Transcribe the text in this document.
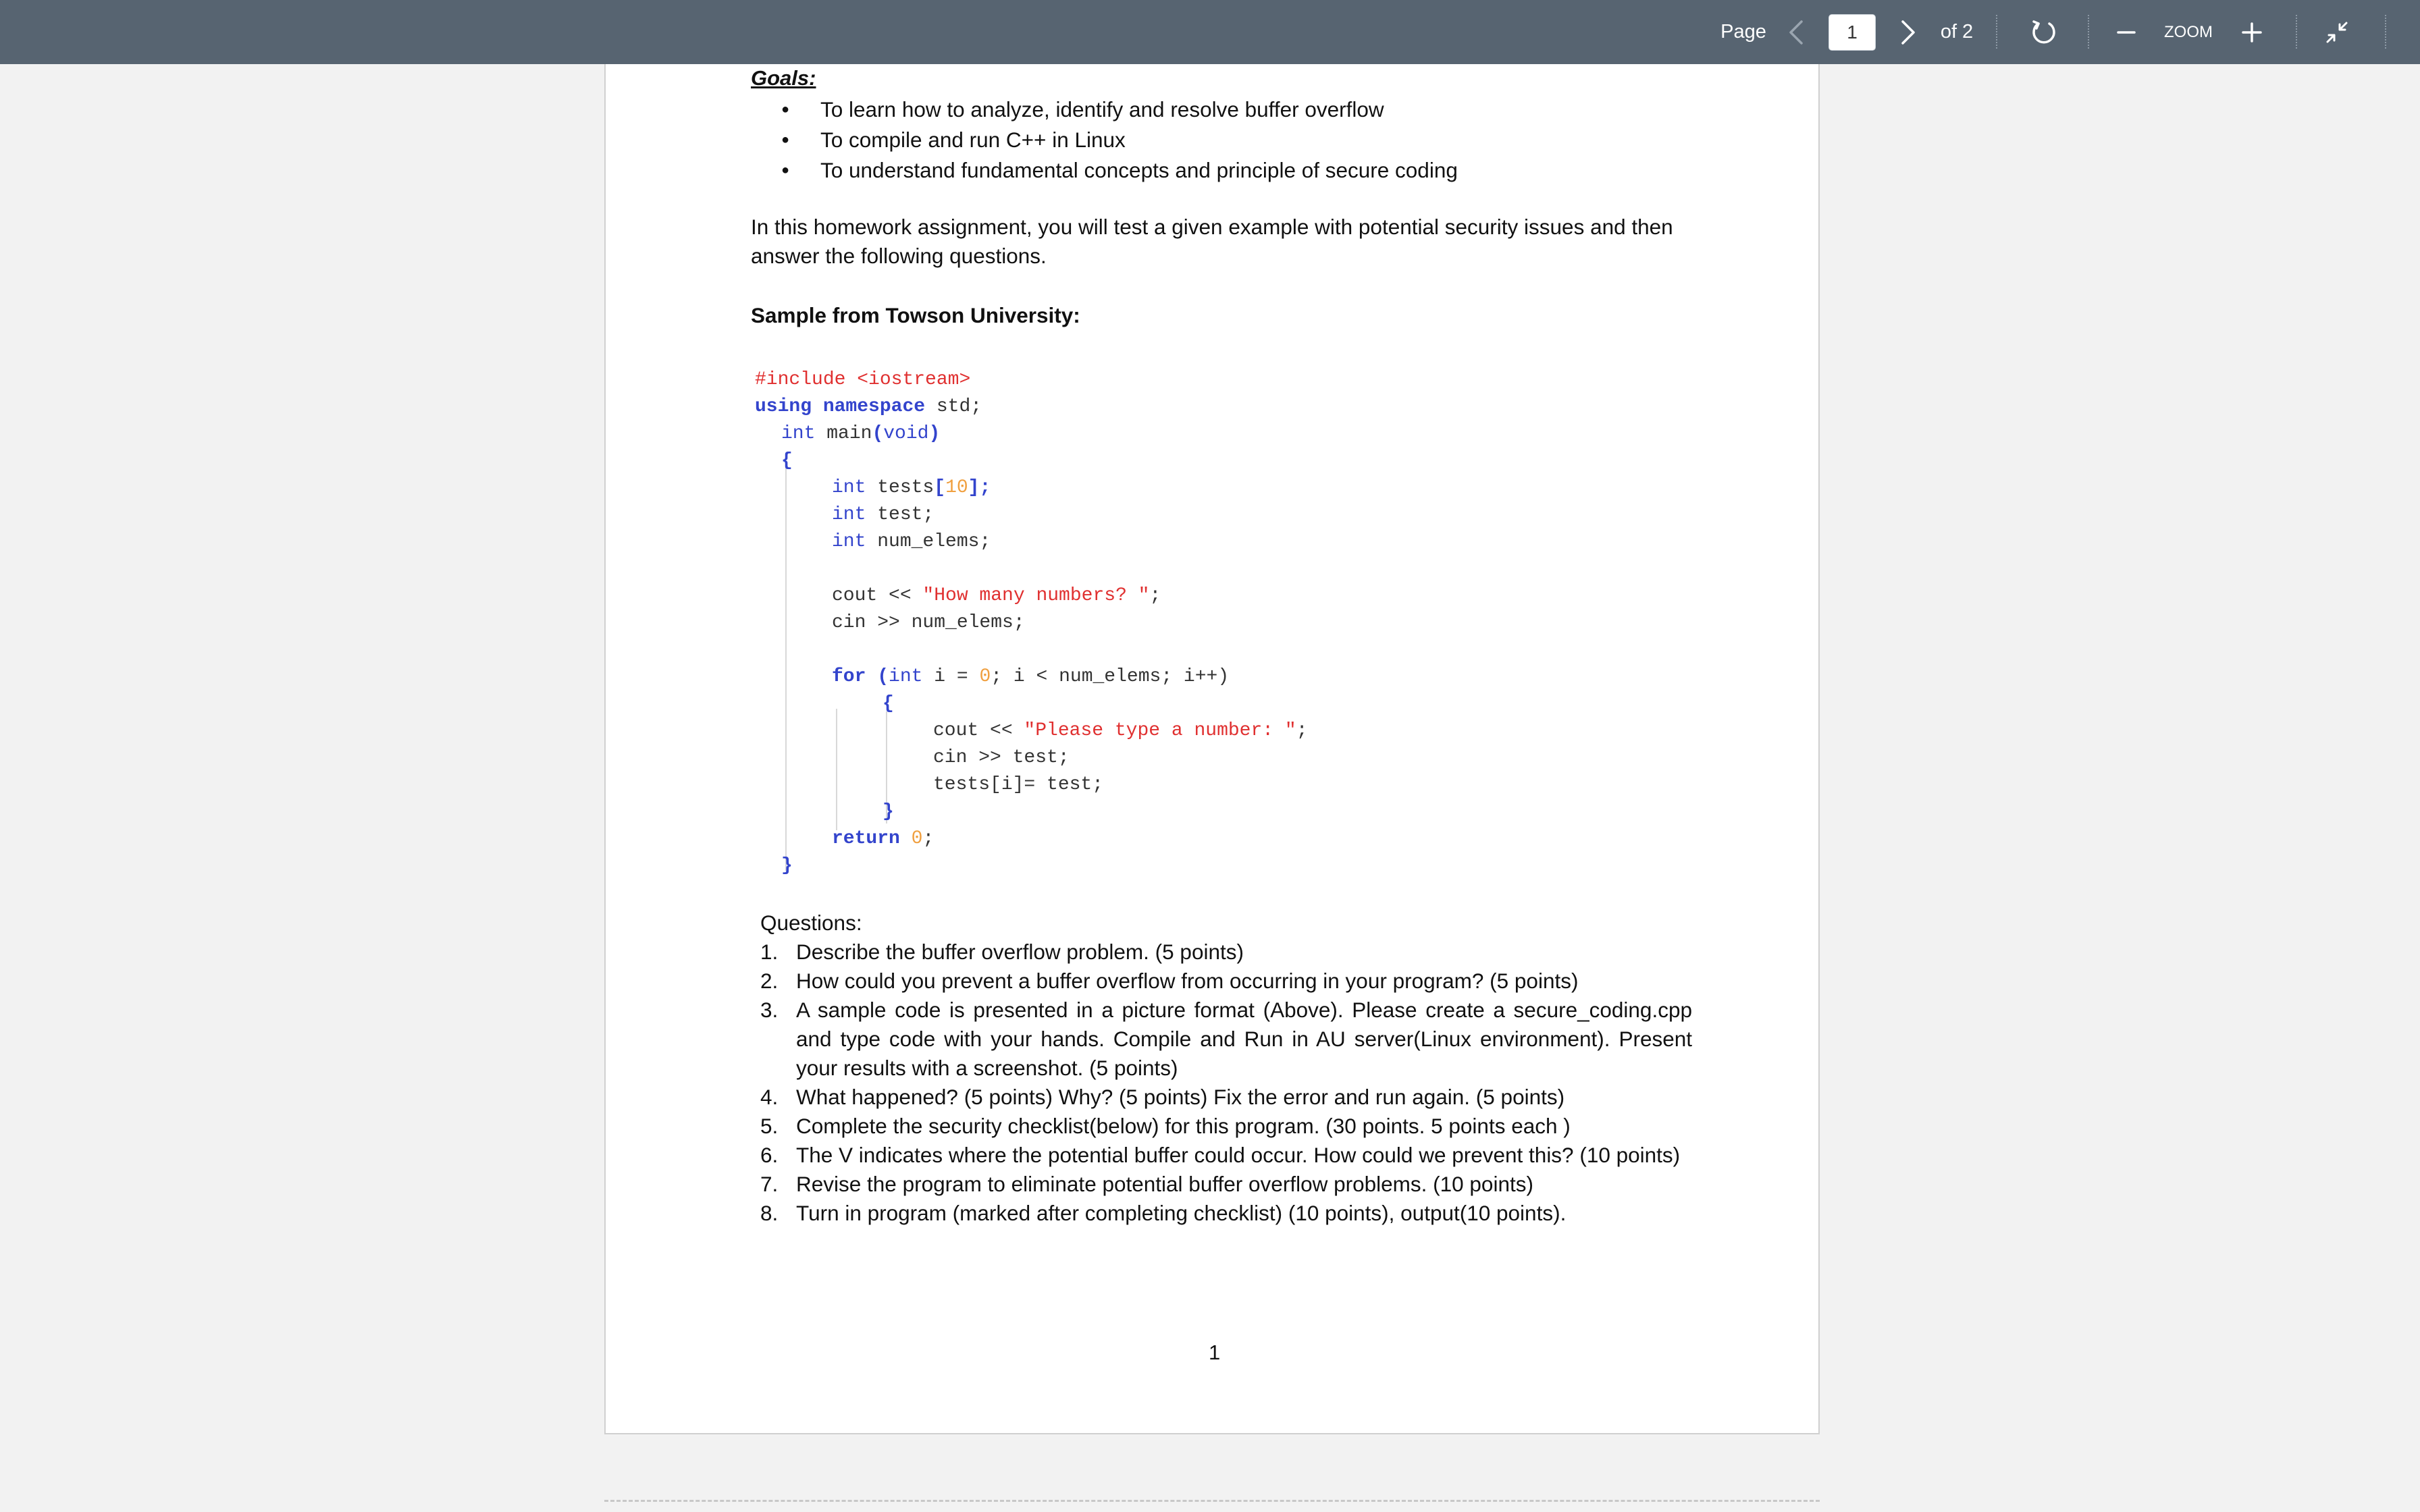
Page	1	of 2	ZOOM
Goals:
● To learn how to analyze, identify and resolve buffer overflow
● To compile and run C++ in Linux
● To understand fundamental concepts and principle of secure coding
In this homework assignment, you will test a given example with potential security issues and then answer the following questions.
Sample from Towson University:
#include <iostream>
using namespace std;
int main(void)
{
int tests[10];
int test;
int num_elems;
cout << "How many numbers? ";
cin >> num_elems;
for (int i = 0; i < num_elems; i++)
{
cout << "Please type a number: ";
cin >> test;
tests[i]= test;
}
return 0;
}
Questions:
1. Describe the buffer overflow problem. (5 points)
2. How could you prevent a buffer overflow from occurring in your program? (5 points)
3. A sample code is presented in a picture format (Above). Please create a secure_coding.cpp and type code with your hands. Compile and Run in AU server(Linux environment). Present your results with a screenshot. (5 points)
4. What happened? (5 points) Why? (5 points) Fix the error and run again. (5 points)
5. Complete the security checklist(below) for this program. (30 points. 5 points each )
6. The V indicates where the potential buffer could occur. How could we prevent this? (10 points)
7. Revise the program to eliminate potential buffer overflow problems. (10 points)
8. Turn in program (marked after completing checklist) (10 points), output(10 points).
1
